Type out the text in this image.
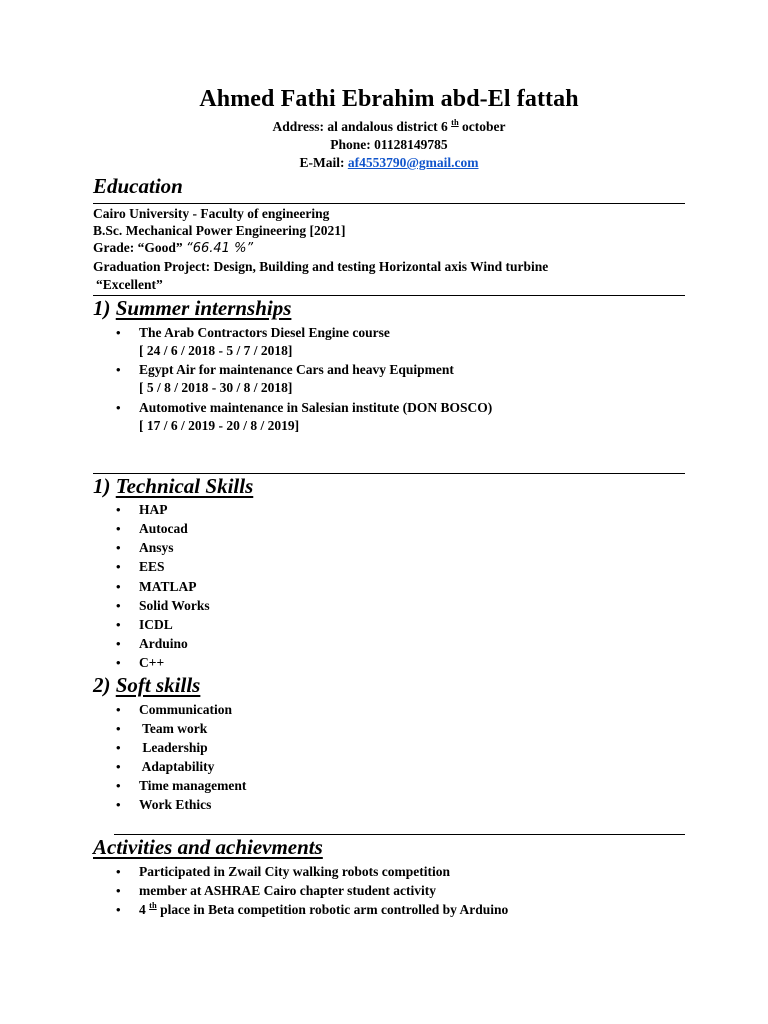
Ahmed Fathi Ebrahim abd-El fattah
Address: al andalous district 6 $^{th}$ october
Phone: 01128149785
E-Mail: af4553790@gmail.com
Education
Cairo University - Faculty of engineering
B.Sc. Mechanical Power Engineering [2021]
Grade: “Good” “66.41 %”
Graduation Project: Design, Building and testing Horizontal axis Wind turbine
“Excellent”
1) Summer internships
•	The Arab Contractors Diesel Engine course
[ 24 / 6 / 2018 - 5 / 7 / 2018]
•	Egypt Air for maintenance Cars and heavy Equipment
[ 5 / 8 / 2018 - 30 / 8 / 2018]
•	Automotive maintenance in Salesian institute (DON BOSCO)
[ 17 / 6 / 2019 - 20 / 8 / 2019]
1) Technical Skills
•	HAP
•	Autocad
•	Ansys
•	EES
•	MATLAP
•	Solid Works
•	ICDL
•	Arduino
•	C++
2) Soft skills
•	Communication
•	Team work
•	Leadership
•	Adaptability
•	Time management
•	Work Ethics
Activities and achievments
•	Participated in Zwail City walking robots competition
•	member at ASHRAE Cairo chapter student activity
•	4 $^{th}$ place in Beta competition robotic arm controlled by Arduino
